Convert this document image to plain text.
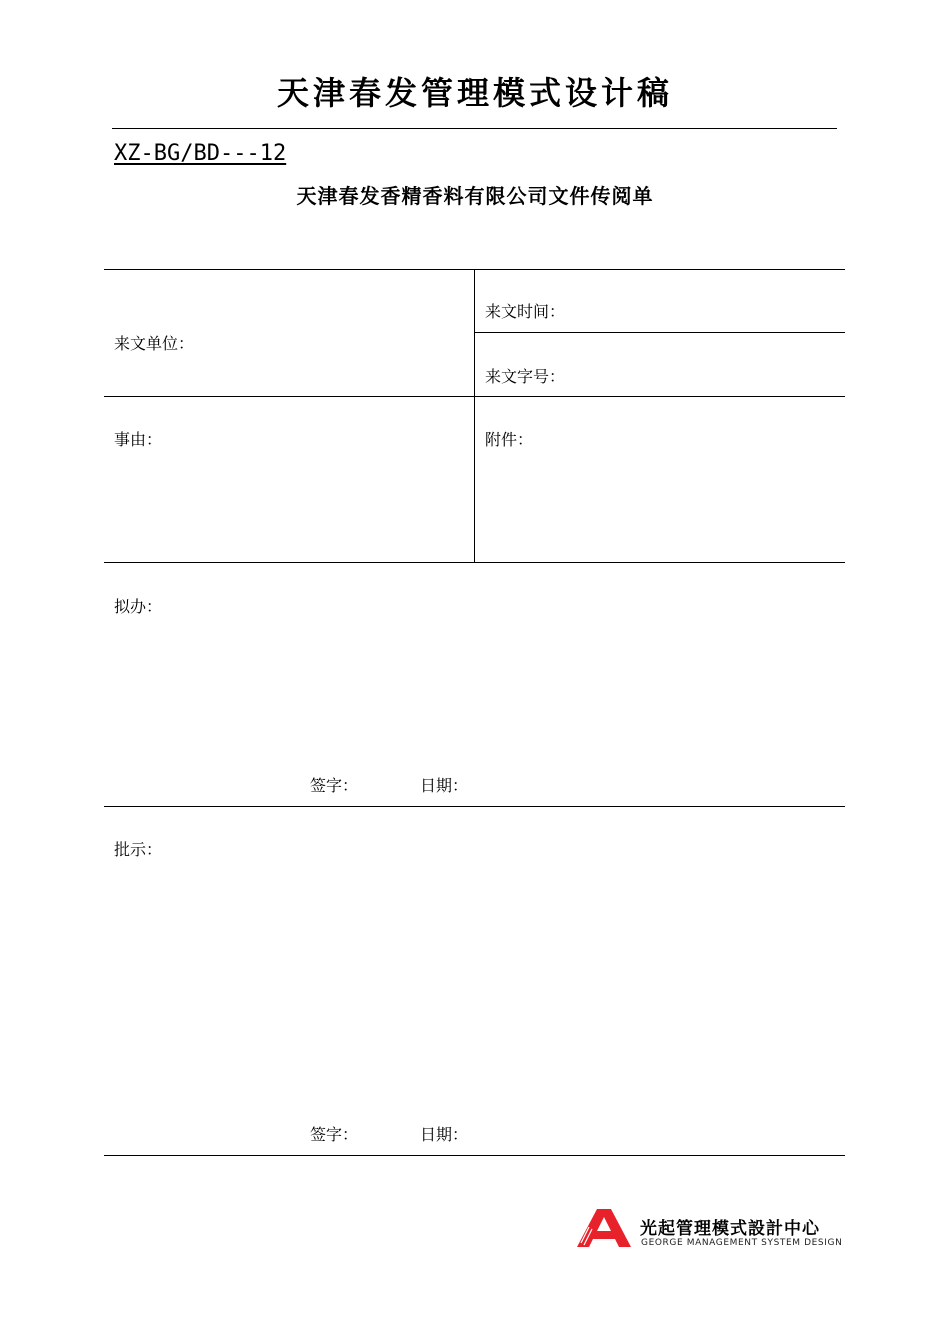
天津春发管理模式设计稿
XZ-BG/BD---12
天津春发香精香料有限公司文件传阅单
来文单位：
来文时间：
来文字号：
事由：	附件：
拟办：
签字：	日期：
批示：
签字：	日期：
光起管理模式設計中心
GEORGE MANAGEMENT SYSTEM DESIGN
